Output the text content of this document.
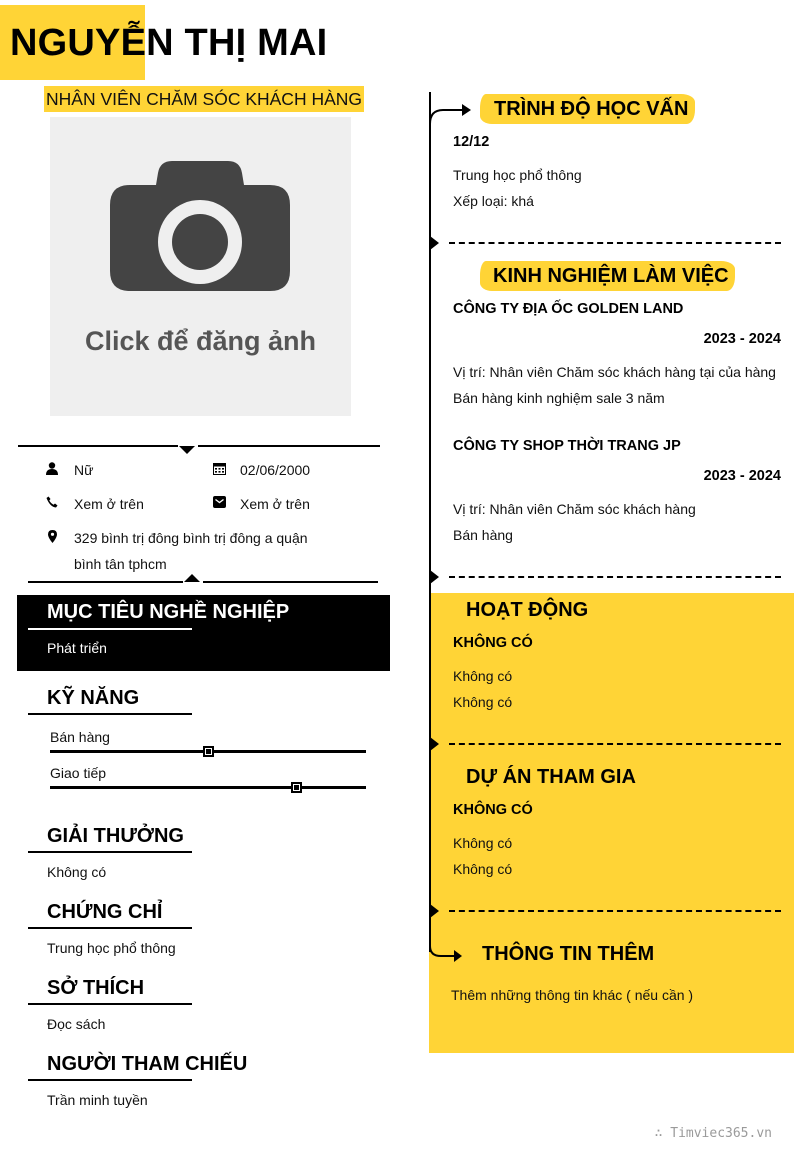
NGUYỄN THỊ MAI
NHÂN VIÊN CHĂM SÓC KHÁCH HÀNG
Click để đăng ảnh
Nữ	02/06/2000
Xem ở trên	Xem ở trên
329 bình trị đông bình trị đông a quận
bình tân tphcm
MỤC TIÊU NGHỀ NGHIỆP
Phát triển
KỸ NĂNG
Bán hàng
Giao tiếp
GIẢI THƯỞNG
Không có
CHỨNG CHỈ
Trung học phổ thông
SỞ THÍCH
Đọc sách
NGƯỜI THAM CHIẾU
Trần minh tuyền
TRÌNH ĐỘ HỌC VẤN
12/12
Trung học phổ thông
Xếp loại: khá
KINH NGHIỆM LÀM VIỆC
CÔNG TY ĐỊA ỐC GOLDEN LAND
2023 - 2024
Vị trí: Nhân viên Chăm sóc khách hàng tại của hàng
Bán hàng kinh nghiệm sale 3 năm
CÔNG TY SHOP THỜI TRANG JP
2023 - 2024
Vị trí: Nhân viên Chăm sóc khách hàng
Bán hàng
HOẠT ĐỘNG
KHÔNG CÓ
Không có
Không có
DỰ ÁN THAM GIA
KHÔNG CÓ
Không có
Không có
THÔNG TIN THÊM
Thêm những thông tin khác ( nếu cần )
∴ Timviec365.vn
